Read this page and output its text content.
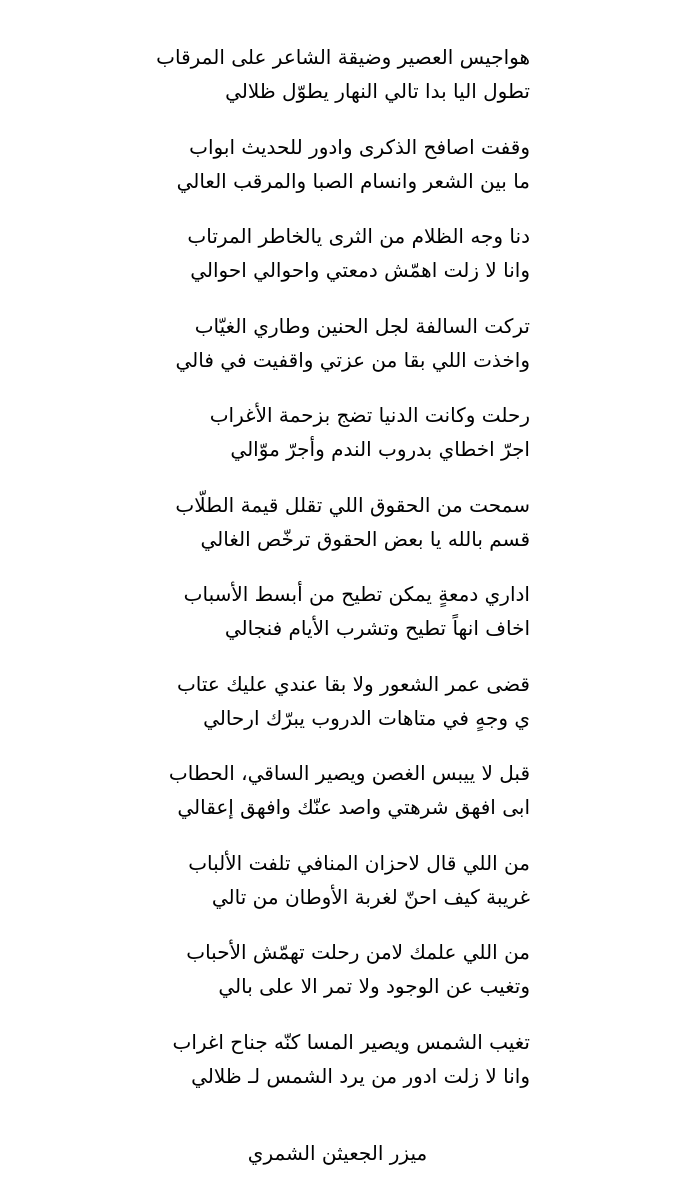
هواجيس العصير وضيقة الشاعر على المرقاب
تطول اليا بدا تالي النهار يطوّل ظلالي
وقفت اصافح الذكرى وادور للحديث ابواب
ما بين الشعر وانسام الصبا والمرقب العالي
دنا وجه الظلام من الثرى يالخاطر المرتاب
وانا لا زلت اهمّش دمعتي واحوالي احوالي
تركت السالفة لجل الحنين وطاري الغيّاب
واخذت اللي بقا من عزتي واقفيت في فالي
رحلت وكانت الدنيا تضج بزحمة الأغراب
اجرّ اخطاي بدروب الندم وأجرّ موّالي
سمحت من الحقوق اللي تقلل قيمة الطلّاب
قسم بالله يا بعض الحقوق ترخّص الغالي
اداري دمعةٍ يمكن تطيح من أبسط الأسباب
اخاف انهاً تطيح وتشرب الأيام فنجالي
قضى عمر الشعور ولا بقا عندي عليك عتاب
ي وجهٍ في متاهات الدروب يبرّك ارحالي
قبل لا ييبس الغصن ويصير الساقي، الحطاب
ابى افهق شرهتي واصد عنّك وافهق إعقالي
من اللي قال لاحزان المنافي تلفت الألباب
غريبة كيف احنّ لغربة الأوطان من تالي
من اللي علمك لامن رحلت تهمّش الأحباب
وتغيب عن الوجود ولا تمر الا على بالي
تغيب الشمس ويصير المسا كنّه جناح اغراب
وانا لا زلت ادور من يرد الشمس لـ ظلالي
ميزر الجعيثن الشمري
